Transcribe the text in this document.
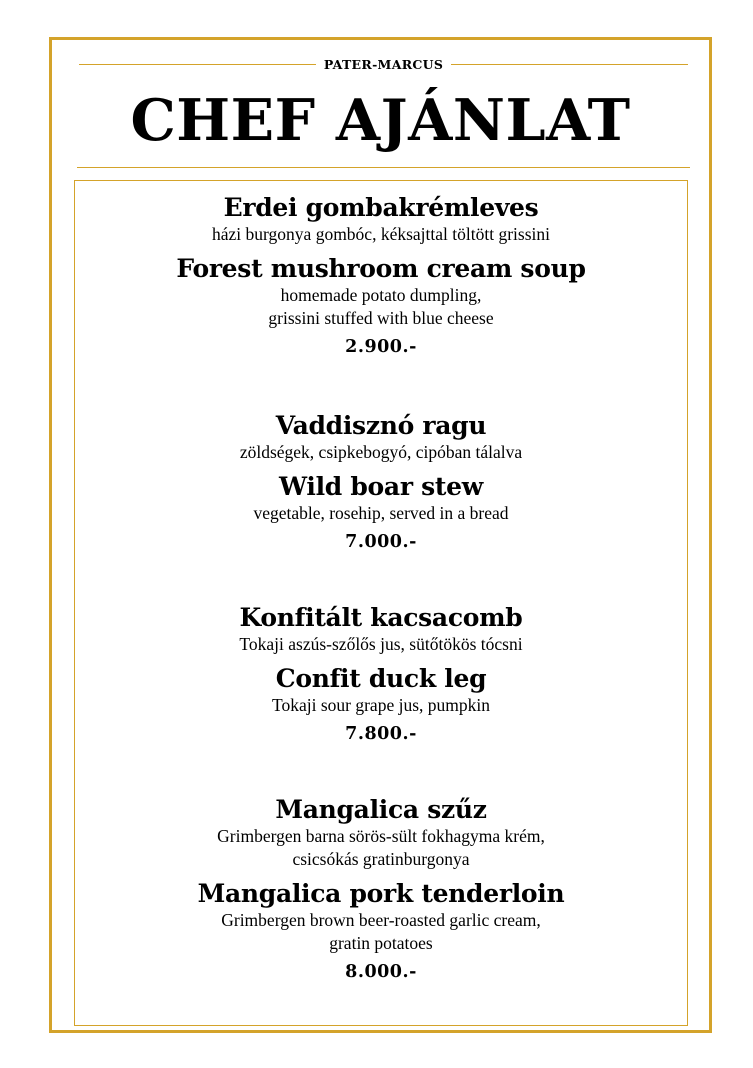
PATER-MARCUS
CHEF AJÁNLAT
Erdei gombakrémleves
házi burgonya gombóc, kéksajttal töltött grissini
Forest mushroom cream soup
homemade potato dumpling,
grissini stuffed with blue cheese
2.900.-
Vaddisznó ragu
zöldségek, csipkebogyó, cipóban tálalva
Wild boar stew
vegetable, rosehip, served in a bread
7.000.-
Konfitált kacsacomb
Tokaji aszús-szőlős jus, sütőtökös tócsni
Confit duck leg
Tokaji sour grape jus, pumpkin
7.800.-
Mangalica szűz
Grimbergen barna sörös-sült fokhagyma krém,
csicsókás gratinburgonya
Mangalica pork tenderloin
Grimbergen brown beer-roasted garlic cream,
gratin potatoes
8.000.-
